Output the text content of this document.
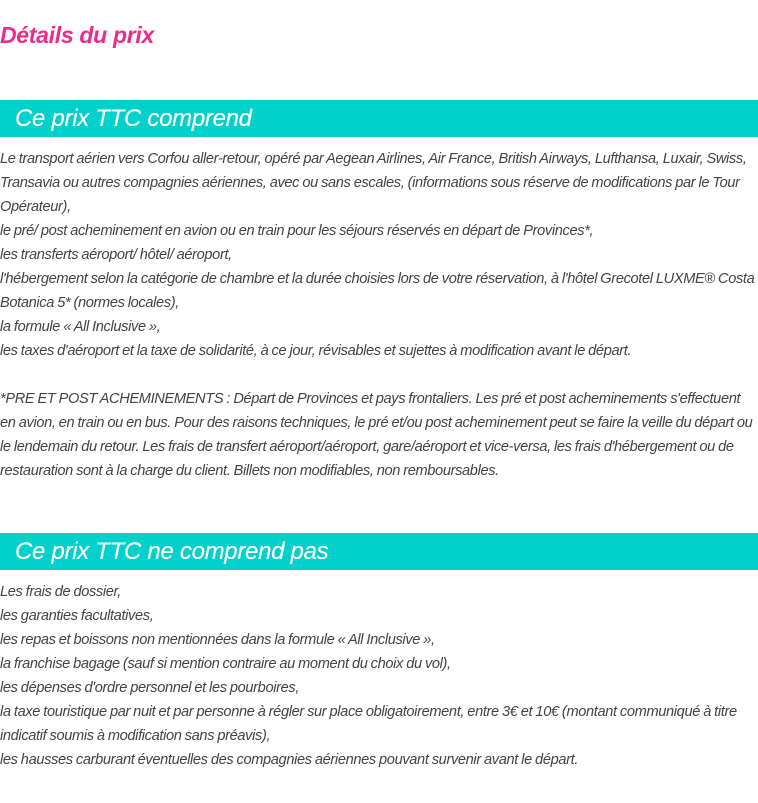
Détails du prix
Ce prix TTC comprend

Le transport aérien vers Corfou aller-retour, opéré par Aegean Airlines, Air France, British Airways, Lufthansa, Luxair, Swiss, Transavia ou autres compagnies aériennes, avec ou sans escales, (informations sous réserve de modifications par le Tour Opérateur),

le pré/ post acheminement en avion ou en train pour les séjours réservés en départ de Provinces*,

les transferts aéroport/ hôtel/ aéroport,

l'hébergement selon la catégorie de chambre et la durée choisies lors de votre réservation, à l'hôtel Grecotel LUXME® Costa Botanica 5* (normes locales),

la formule « All Inclusive »,

les taxes d'aéroport et la taxe de solidarité, à ce jour, révisables et sujettes à modification avant le départ.

*PRE ET POST ACHEMINEMENTS : Départ de Provinces et pays frontaliers. Les pré et post acheminements s'effectuent en avion, en train ou en bus. Pour des raisons techniques, le pré et/ou post acheminement peut se faire la veille du départ ou le lendemain du retour. Les frais de transfert aéroport/aéroport, gare/aéroport et vice-versa, les frais d'hébergement ou de restauration sont à la charge du client. Billets non modifiables, non remboursables.

Ce prix TTC ne comprend pas

Les frais de dossier,

les garanties facultatives,

les repas et boissons non mentionnées dans la formule « All Inclusive »,

la franchise bagage (sauf si mention contraire au moment du choix du vol),

les dépenses d'ordre personnel et les pourboires,

la taxe touristique par nuit et par personne à régler sur place obligatoirement, entre 3€ et 10€ (montant communiqué à titre indicatif soumis à modification sans préavis),

les hausses carburant éventuelles des compagnies aériennes pouvant survenir avant le départ.
